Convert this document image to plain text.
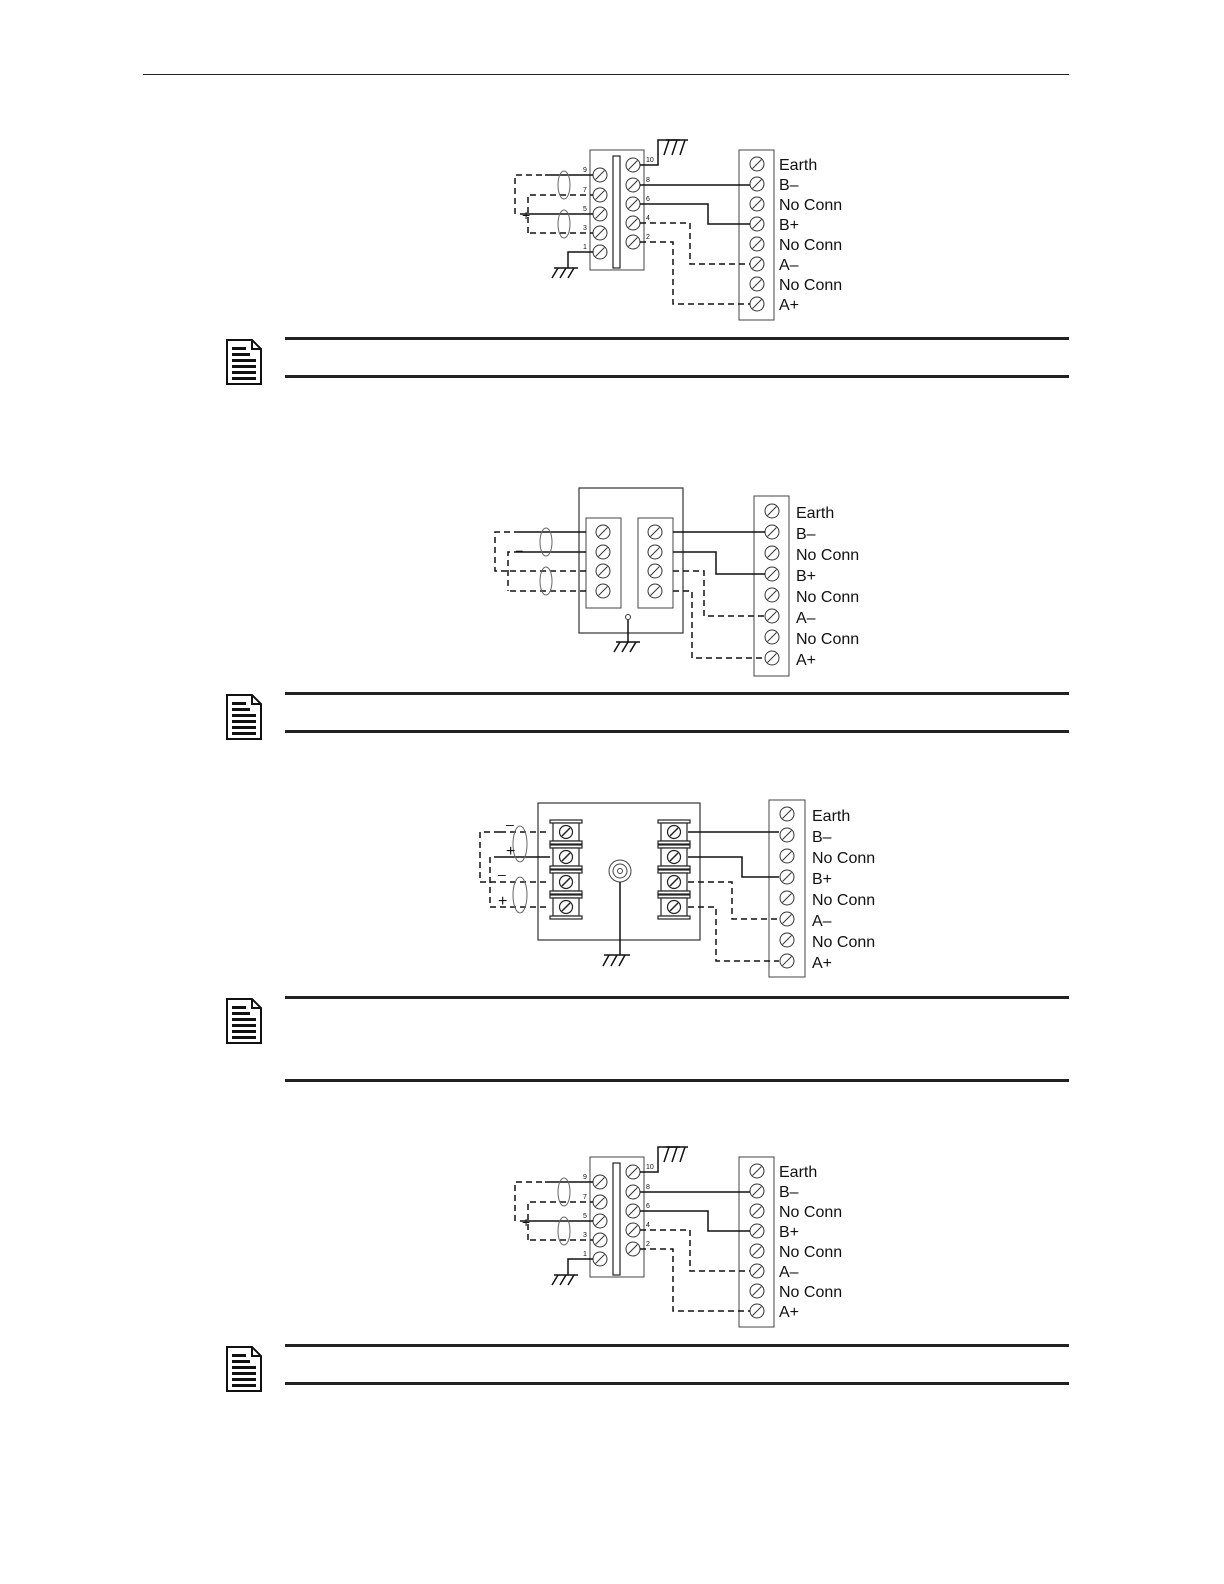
9
7
5
3
1
10
8
6
4
2
+
Earth
B–
No Conn
B+
No Conn
A–
No Conn
A+
–
Earth
B–
No Conn
B+
No Conn
A–
No Conn
A+
–
+
–
+
Earth
B–
No Conn
B+
No Conn
A–
No Conn
A+
9
7
5
3
1
10
8
6
4
2
+
Earth
B–
No Conn
B+
No Conn
A–
No Conn
A+
